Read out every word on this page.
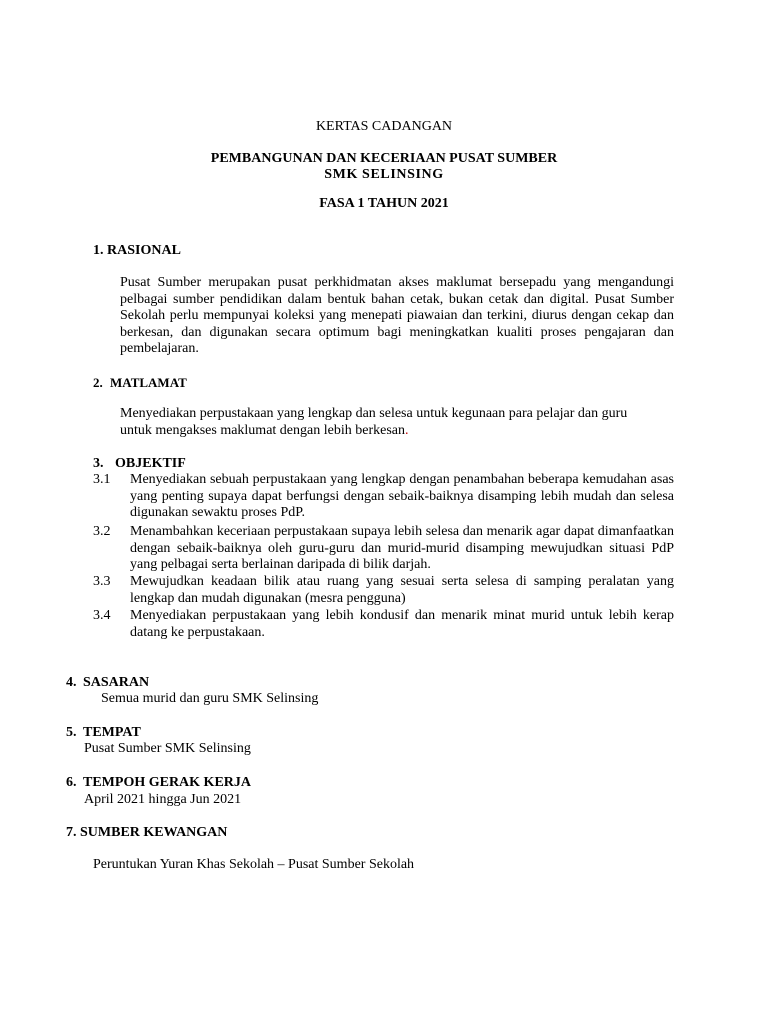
KERTAS CADANGAN

PEMBANGUNAN DAN KECERIAAN PUSAT SUMBER

SMK SELINSING

FASA 1 TAHUN 2021

1. RASIONAL

Pusat Sumber merupakan pusat perkhidmatan akses maklumat bersepadu yang mengandungi pelbagai sumber pendidikan dalam bentuk bahan cetak, bukan cetak dan digital. Pusat Sumber Sekolah perlu mempunyai koleksi yang menepati piawaian dan terkini, diurus dengan cekap dan berkesan, dan digunakan secara optimum bagi meningkatkan kualiti proses pengajaran dan pembelajaran.

2. MATLAMAT

Menyediakan perpustakaan yang lengkap dan selesa untuk kegunaan para pelajar dan guru untuk mengakses maklumat dengan lebih berkesan.

3. OBJEKTIF
3.1 Menyediakan sebuah perpustakaan yang lengkap dengan penambahan beberapa kemudahan asas yang penting supaya dapat berfungsi dengan sebaik-baiknya disamping lebih mudah dan selesa digunakan sewaktu proses PdP.

3.2 Menambahkan keceriaan perpustakaan supaya lebih selesa dan menarik agar dapat dimanfaatkan dengan sebaik-baiknya oleh guru-guru dan murid-murid disamping mewujudkan situasi PdP yang pelbagai serta berlainan daripada di bilik darjah.

3.3 Mewujudkan keadaan bilik atau ruang yang sesuai serta selesa di samping peralatan yang lengkap dan mudah digunakan (mesra pengguna)

3.4 Menyediakan perpustakaan yang lebih kondusif dan menarik minat murid untuk lebih kerap datang ke perpustakaan.

4. SASARAN

Semua murid dan guru SMK Selinsing

5. TEMPAT

Pusat Sumber SMK Selinsing

6. TEMPOH GERAK KERJA

April 2021 hingga Jun 2021

7. SUMBER KEWANGAN

Peruntukan Yuran Khas Sekolah – Pusat Sumber Sekolah
